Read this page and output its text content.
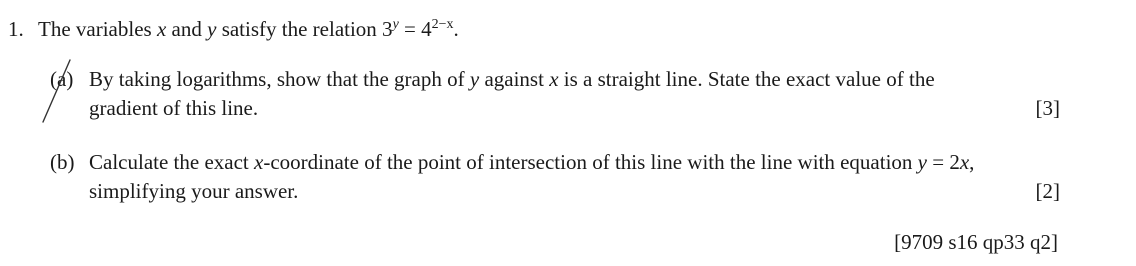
1. The variables x and y satisfy the relation $3^y = 4^{2-x}$.
(a) By taking logarithms, show that the graph of y against x is a straight line. State the exact value of the
gradient of this line.	[3]
(b) Calculate the exact x-coordinate of the point of intersection of this line with the line with equation y = 2x,
simplifying your answer.	[2]
[9709 s16 qp33 q2]
